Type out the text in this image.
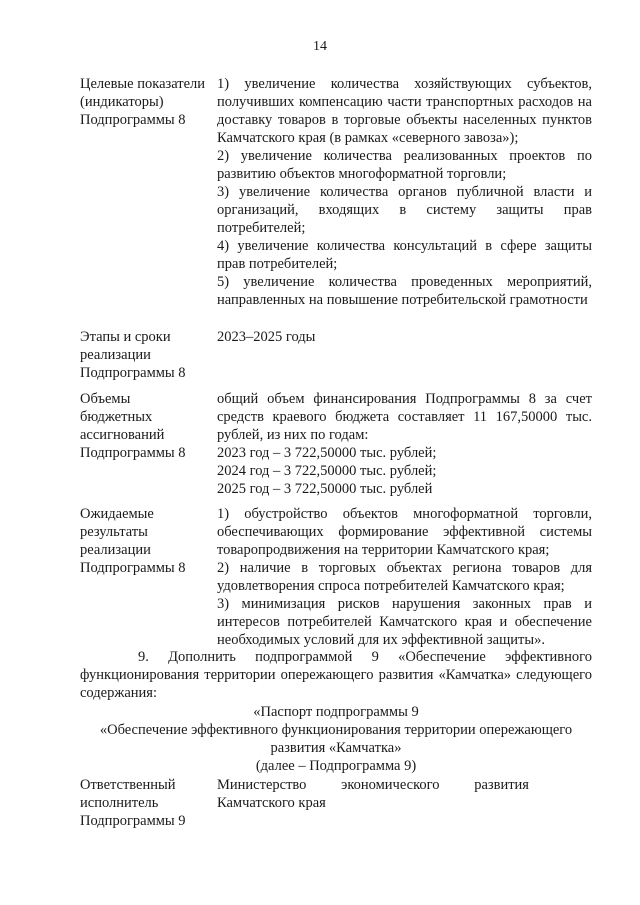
14
Целевые показатели
(индикаторы)
Подпрограммы 8

1) увеличение количества хозяйствующих субъектов, получивших компенсацию части транспортных расходов на доставку товаров в торговые объекты населенных пунктов Камчатского края (в рамках «северного завоза»);

2) увеличение количества реализованных проектов по развитию объектов многоформатной торговли;

3) увеличение количества органов публичной власти и организаций, входящих в систему защиты прав потребителей;

4) увеличение количества консультаций в сфере защиты прав потребителей;

5) увеличение количества проведенных мероприятий, направленных на повышение потребительской грамотности

Этапы и сроки
реализации
Подпрограммы 8

2023–2025 годы

Объемы
бюджетных
ассигнований
Подпрограммы 8

общий объем финансирования Подпрограммы 8 за счет средств краевого бюджета составляет 11 167,50000 тыс. рублей, из них по годам:

2023 год – 3 722,50000 тыс. рублей;

2024 год – 3 722,50000 тыс. рублей;

2025 год – 3 722,50000 тыс. рублей

Ожидаемые
результаты
реализации
Подпрограммы 8

1) обустройство объектов многоформатной торговли, обеспечивающих формирование эффективной системы товаропродвижения на территории Камчатского края;

2) наличие в торговых объектах региона товаров для удовлетворения спроса потребителей Камчатского края;

3) минимизация рисков нарушения законных прав и интересов потребителей Камчатского края и обеспечение необходимых условий для их эффективной защиты».

9. Дополнить подпрограммой 9 «Обеспечение эффективного функционирования территории опережающего развития «Камчатка» следующего содержания:

«Паспорт подпрограммы 9

«Обеспечение эффективного функционирования территории опережающего

развития «Камчатка»

(далее – Подпрограмма 9)

Ответственный
исполнитель
Подпрограммы 9
Министерство экономического развития

Камчатского края
